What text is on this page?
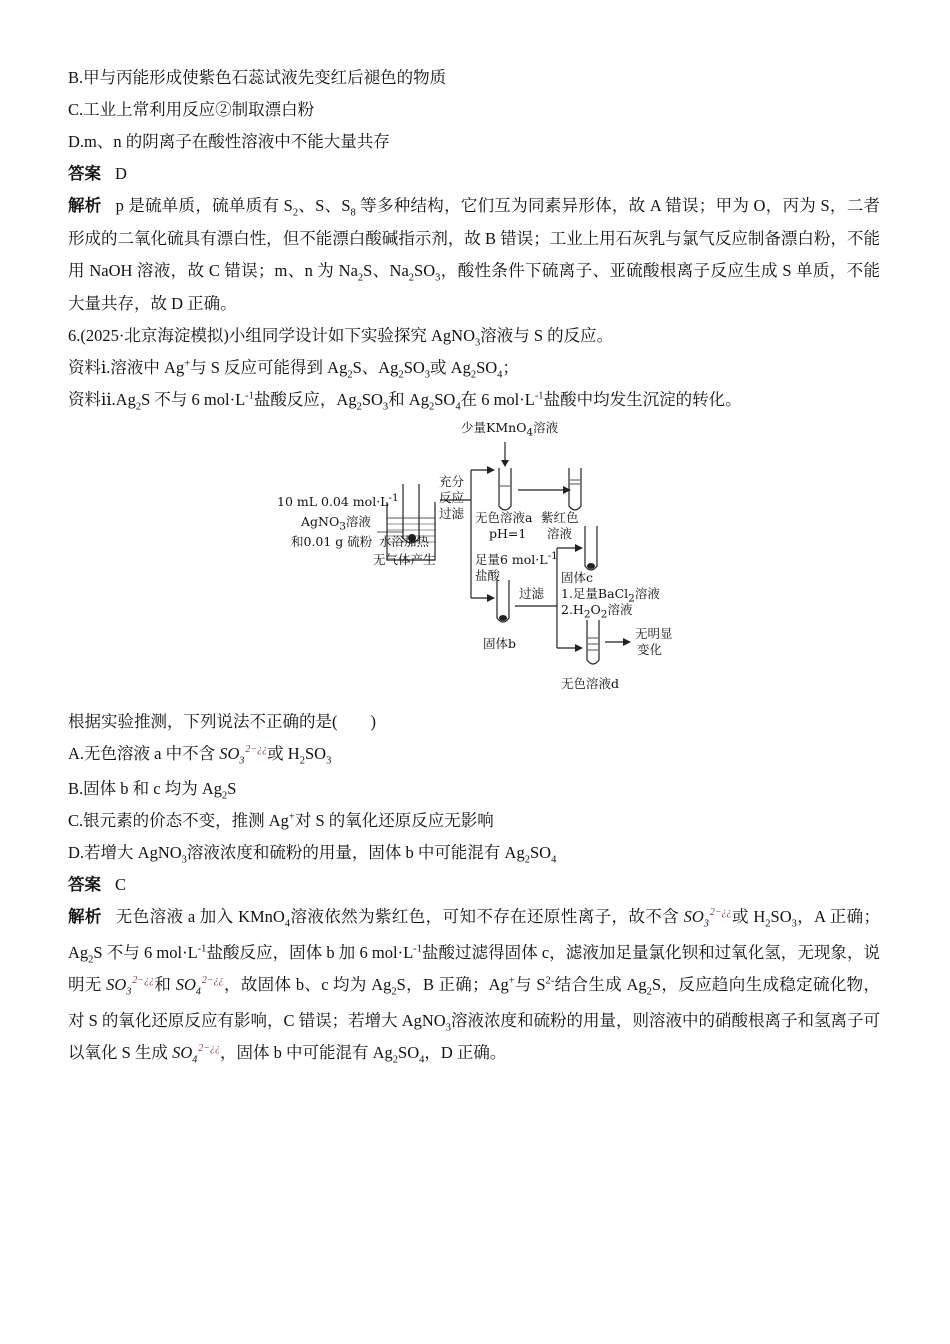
B.甲与丙能形成使紫色石蕊试液先变红后褪色的物质
C.工业上常利用反应②制取漂白粉
D.m、n 的阴离子在酸性溶液中不能大量共存
答案 D
解析 p 是硫单质，硫单质有 $S_2$、S、$S_8$ 等多种结构，它们互为同素异形体，故 A 错误；甲为 O，丙为 S，二者形成的二氧化硫具有漂白性，但不能漂白酸碱指示剂，故 B 错误；工业上用石灰乳与氯气反应制备漂白粉，不能用 NaOH 溶液，故 C 错误；m、n 为 $Na_2S$、$Na_2SO_3$，酸性条件下硫离子、亚硫酸根离子反应生成 S 单质，不能大量共存，故 D 正确。
6.(2025·北京海淀模拟)小组同学设计如下实验探究 AgNO$_3$溶液与 S 的反应。
资料ⅰ.溶液中 Ag+与 S 反应可能得到 $Ag_2S$、$Ag_2SO_3$或 $Ag_2SO_4$；
资料$ⅱ.Ag_2S$ 不与 6 $mol\cdot L^{-1}$盐酸反应，$Ag_2SO_3$和 $Ag_2SO_4$在 6 $mol\cdot L^{-1}$盐酸中均发生沉淀的转化。
少量KMnO$_4$溶液
10 mL 0.04 $mol\cdot L^{-1}$
AgNO$_3$溶液
和0.01 g 硫粉 水浴加热
无气体产生
充分
反应
过滤 无色溶液a
pH=1
紫红色
溶液
足量6 $mol\cdot L^{-1}$
盐酸	固体c
1.足量BaCl$_2$溶液
$2.H_2O_2$溶液
过滤
固体b
无明显
变化
无色溶液d
根据实验推测，下列说法不正确的是(　　)
A.无色溶液 a 中不含 $SO_3^{2-¿¿}$或 $H_2SO_3$
B.固体 b 和 c 均为 $Ag_2S$
C.银元素的价态不变，推测 Ag+对 S 的氧化还原反应无影响
D.若增大 AgNO$_3$溶液浓度和硫粉的用量，固体 b 中可能混有 $Ag_2SO_4$
答案 C
解析 无色溶液 a 加入 KMnO$_4$溶液依然为紫红色，可知不存在还原性离子，故不含 $SO_3^{2-¿¿}$或 $H_2SO_3$，A 正确；$Ag_2S$ 不与 6 $mol\cdot L^{-1}$盐酸反应，固体 b 加 6 $mol\cdot L^{-1}$盐酸过滤得固体 c，滤液加足量氯化钡和过氧化氢，无现象，说明无 $SO_3^{2-¿¿}$和 $SO_4^{2-¿¿}$，故固体 b、c 均为 $Ag_2S$，B 正确；Ag+与 $S^{2-}$结合生成 $Ag_2S$，反应趋向生成稳定硫化物，对 S 的氧化还原反应有影响，C 错误；若增大 AgNO$_3$溶液浓度和硫粉的用量，则溶液中的硝酸根离子和氢离子可以氧化 S 生成 $SO_4^{2-¿¿}$，固体 b 中可能混有 $Ag_2SO_4$，D 正确。
